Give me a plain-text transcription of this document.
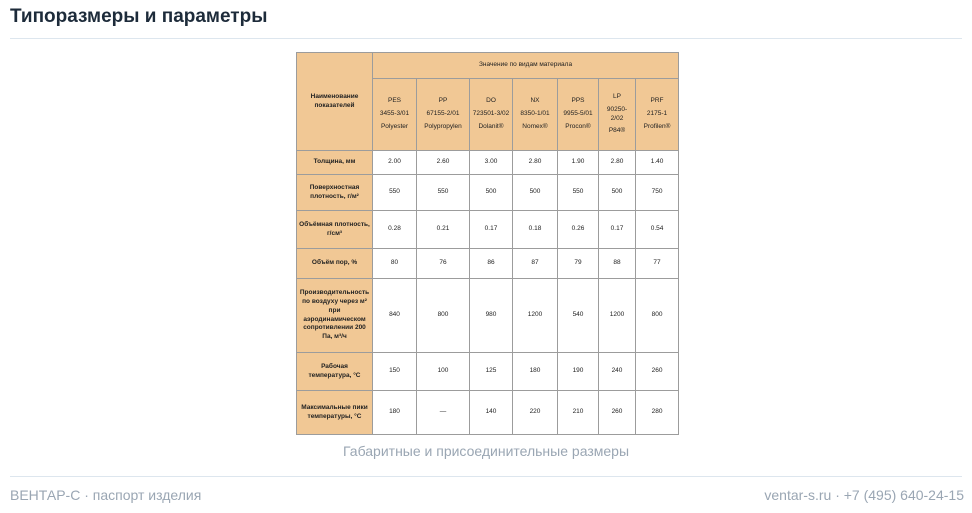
Типоразмеры и параметры
Наименование показателей	Значение по видам материала						

	PES
3455-3/01
Polyester	PP
67155-2/01
Polypropylen	DO
723501-3/02
Dolanit®	NX
8350-1/01
Nomex®	PPS
9955-5/01
Procon®	LP
90250-2/02
P84®	PRF
2175-1
Profilen®

Толщина, мм	2.00	2.60	3.00	2.80	1.90	2.80	1.40
Поверхностная плотность, г/м²	550	550	500	500	550	500	750
Объёмная плотность, г/см³	0.28	0.21	0.17	0.18	0.26	0.17	0.54
Объём пор, %	80	76	86	87	79	88	77
Производительность по воздуху через м² при аэродинамическом сопротивлении 200 Па, м³/ч	840	800	980	1200	540	1200	800
Рабочая температура, °С	150	100	125	180	190	240	260
Максимальные пики температуры, °С	180	—	140	220	210	260	280
Габаритные и присоединительные размеры
ВЕНТАР-С · паспорт изделия	ventar-s.ru · +7 (495) 640-24-15
